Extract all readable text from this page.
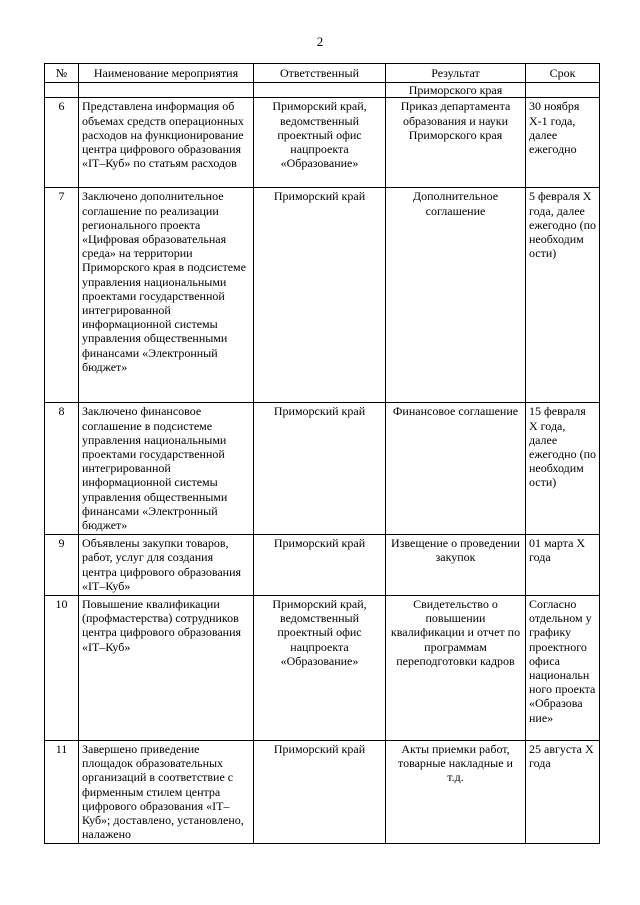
2
№	Наименование мероприятия	Ответственный	Результат	Срок
			Приморского края	
6	Представлена информация об объемах средств операционных расходов на функционирование центра цифрового образования «IT–Куб» по статьям расходов	Приморский край, ведомственный проектный офис нацпроекта «Образование»	Приказ департамента образования и науки Приморского края	30 ноября Х-1 года, далее ежегодно
7	Заключено дополнительное соглашение по реализации регионального проекта «Цифровая образовательная среда» на территории Приморского края в подсистеме управления национальными проектами государственной интегрированной информационной системы управления общественными финансами «Электронный бюджет»	Приморский край	Дополнительное соглашение	5 февраля Х года, далее ежегодно (по необходим ости)
8	Заключено финансовое соглашение в подсистеме управления национальными проектами государственной интегрированной информационной системы управления общественными финансами «Электронный бюджет»	Приморский край	Финансовое соглашение	15 февраля Х года, далее ежегодно (по необходим ости)
9	Объявлены закупки товаров, работ, услуг для создания центра цифрового образования «IT–Куб»	Приморский край	Извещение о проведении закупок	01 марта Х года
10	Повышение квалификации (профмастерства) сотрудников центра цифрового образования «IT–Куб»	Приморский край, ведомственный проектный офис нацпроекта «Образование»	Свидетельство о повышении квалификации и отчет по программам переподготовки кадров	Согласно отдельном у графику проектного офиса национальн ного проекта «Образова ние»
11	Завершено приведение площадок образовательных организаций в соответствие с фирменным стилем центра цифрового образования «IT–Куб»; доставлено, установлено, налажено	Приморский край	Акты приемки работ, товарные накладные и т.д.	25 августа Х года
